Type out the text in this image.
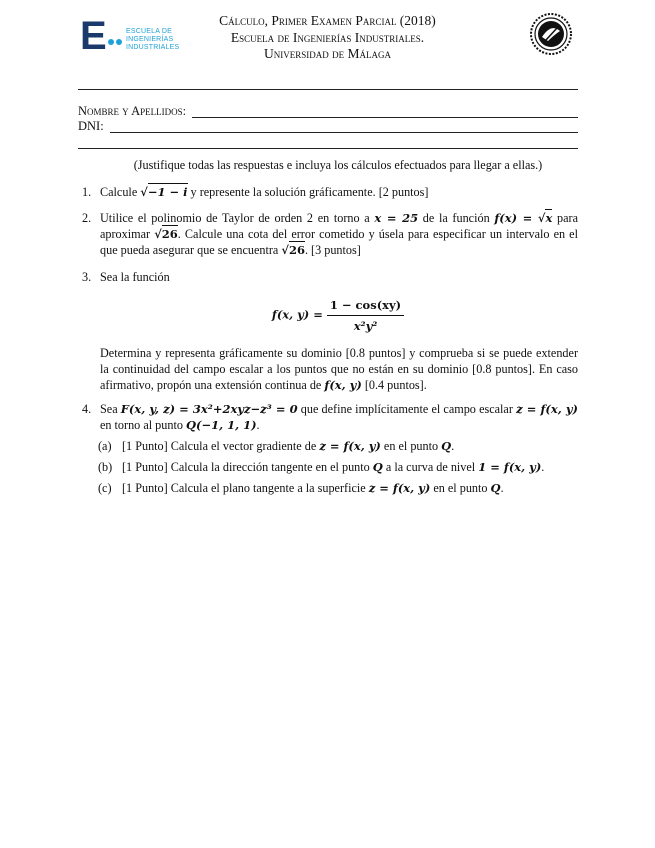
E	ESCUELA DE
INGENIERÍAS
INDUSTRIALES
Cálculo, Primer Examen Parcial (2018)
Escuela de Ingenierías Industriales.
Universidad de Málaga
Nombre y Apellidos:
DNI:
(Justifique todas las respuestas e incluya los cálculos efectuados para llegar a ellas.)
1. Calcule √−1 − i y represente la solución gráficamente. [2 puntos]
2. Utilice el polinomio de Taylor de orden 2 en torno a x = 25 de la función f(x) = √x para aproximar √26. Calcule una cota del error cometido y úsela para especificar un intervalo en el que pueda asegurar que se encuentra √26. [3 puntos]
3. Sea la función
f(x, $y) = \frac{1 - \cos(xy)}{\text{x²y²}}$
Determina y representa gráficamente su dominio [0.8 puntos] y comprueba si se puede extender la continuidad del campo escalar a los puntos que no están en su dominio [0.8 puntos]. En caso afirmativo, propón una extensión continua de f(x, y) [0.4 puntos].
4. Sea F(x, y, z) = 3x²+2xyz−z³ = 0 que define implícitamente el campo escalar z = f(x, y) en torno al punto Q(−1, 1, 1).
(a) [1 Punto] Calcula el vector gradiente de z = f(x, y) en el punto Q.
(b) [1 Punto] Calcula la dirección tangente en el punto Q a la curva de nivel 1 = f(x, y).
(c) [1 Punto] Calcula el plano tangente a la superficie z = f(x, y) en el punto Q.
